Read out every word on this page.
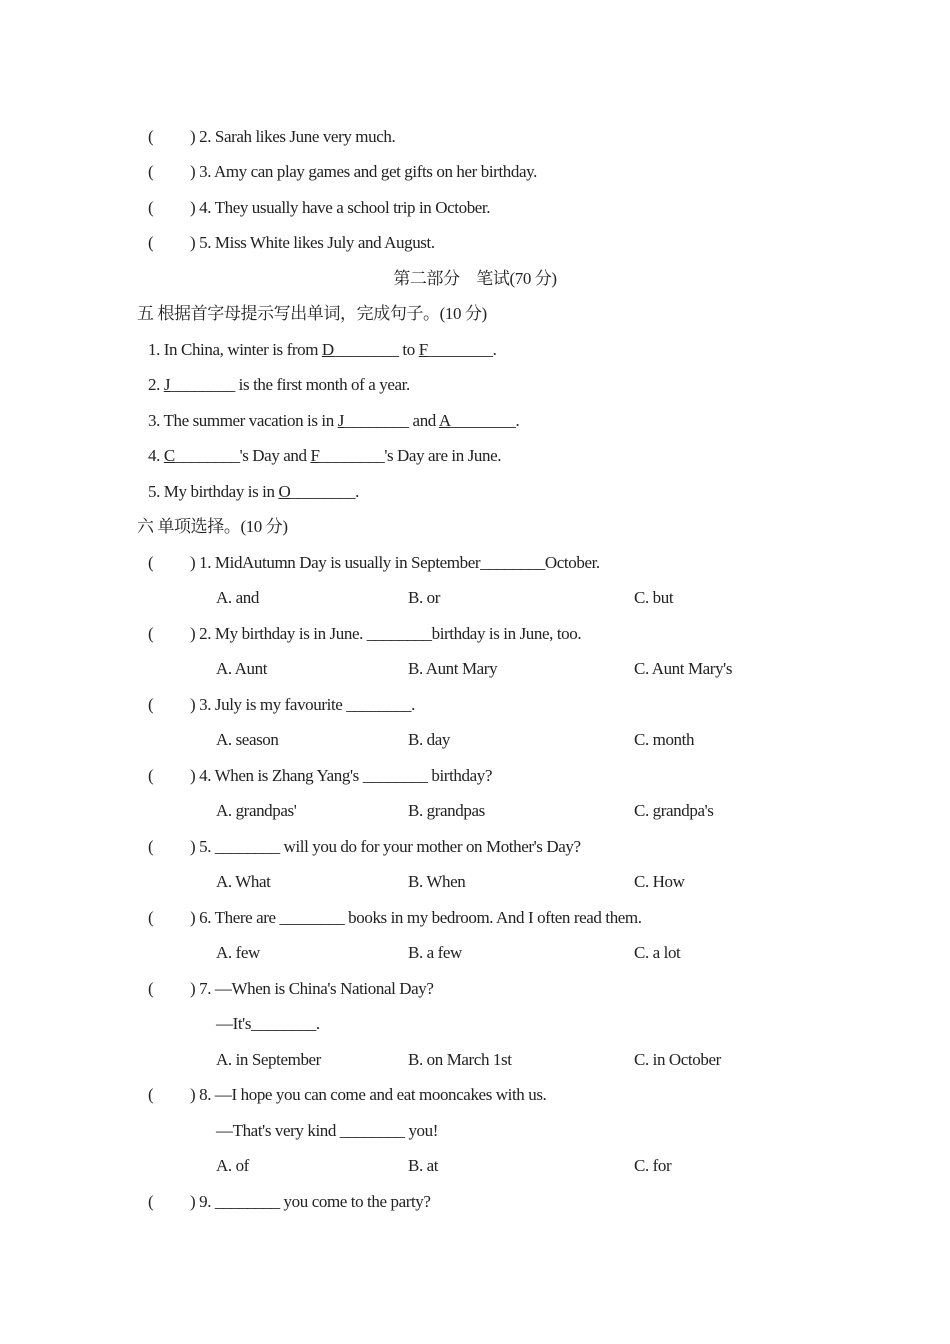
( ) 2. Sarah likes June very much.
( ) 3. Amy can play games and get gifts on her birthday.
( ) 4. They usually have a school trip in October.
( ) 5. Miss White likes July and August.
第二部分　笔试(70 分)
五 根据首字母提示写出单词，完成句子。(10 分)
1. In China, winter is from D________ to F________.
2. J________ is the first month of a year.
3. The summer vacation is in J________ and A________.
4. C________'s Day and F________'s Day are in June.
5. My birthday is in O________.
六 单项选择。(10 分)
( ) 1. MidAutumn Day is usually in September________October.
A. and	B. or	C. but
( ) 2. My birthday is in June. ________birthday is in June, too.
A. Aunt	B. Aunt Mary	C. Aunt Mary's
( ) 3. July is my favourite ________.
A. season	B. day	C. month
( ) 4. When is Zhang Yang's ________ birthday?
A. grandpas'	B. grandpas	C. grandpa's
( ) 5. ________ will you do for your mother on Mother's Day?
A. What	B. When	C. How
( ) 6. There are ________ books in my bedroom. And I often read them.
A. few	B. a few	C. a lot
( ) 7. —When is China's National Day?
—It's________.
A. in September	B. on March 1st	C. in October
( ) 8. —I hope you can come and eat mooncakes with us.
—That's very kind ________ you!
A. of	B. at	C. for
( ) 9. ________ you come to the party?
